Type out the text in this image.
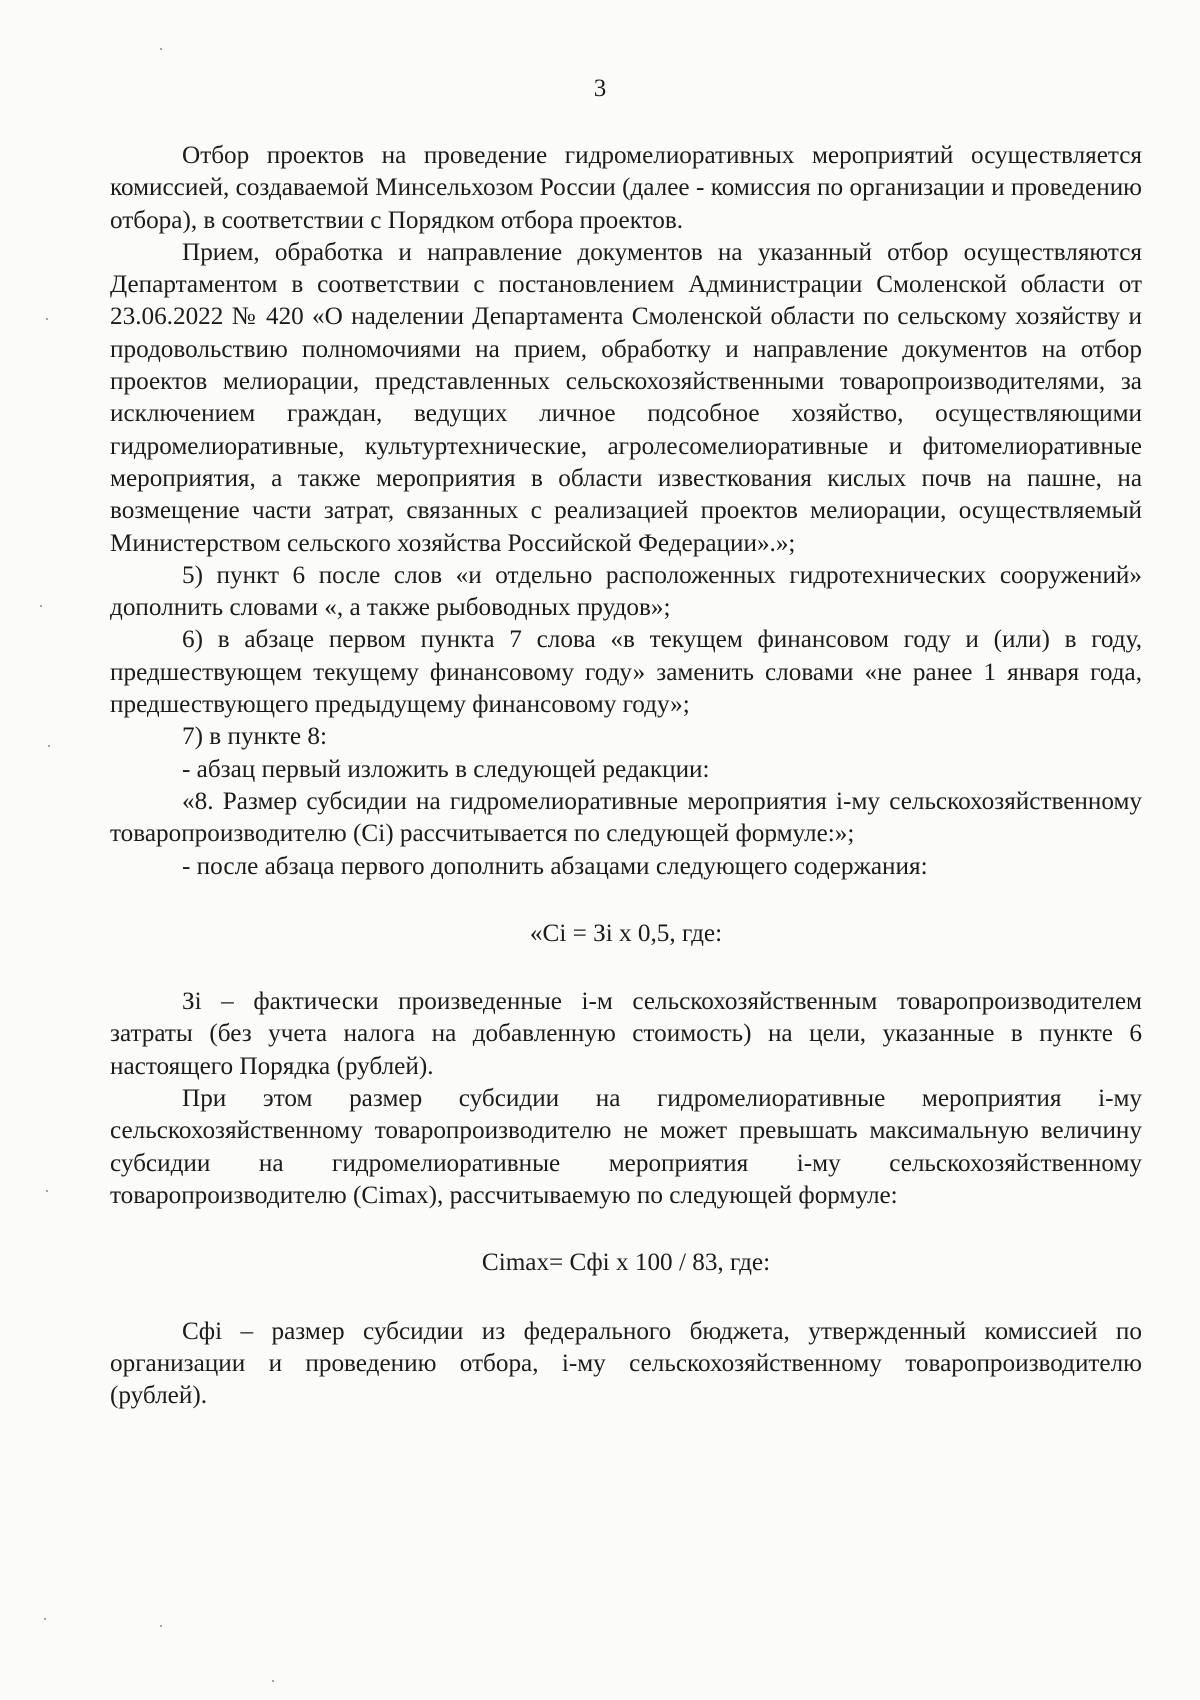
3

Отбор проектов на проведение гидромелиоративных мероприятий осуществляется комиссией, создаваемой Минсельхозом России (далее - комиссия по организации и проведению отбора), в соответствии с Порядком отбора проектов.

Прием, обработка и направление документов на указанный отбор осуществляются Департаментом в соответствии с постановлением Администрации Смоленской области от 23.06.2022 № 420 «О наделении Департамента Смоленской области по сельскому хозяйству и продовольствию полномочиями на прием, обработку и направление документов на отбор проектов мелиорации, представленных сельскохозяйственными товаропроизводителями, за исключением граждан, ведущих личное подсобное хозяйство, осуществляющими гидромелиоративные, культуртехнические, агролесомелиоративные и фитомелиоративные мероприятия, а также мероприятия в области известкования кислых почв на пашне, на возмещение части затрат, связанных с реализацией проектов мелиорации, осуществляемый Министерством сельского хозяйства Российской Федерации».»;

5) пункт 6 после слов «и отдельно расположенных гидротехнических сооружений» дополнить словами «, а также рыбоводных прудов»;

6) в абзаце первом пункта 7 слова «в текущем финансовом году и (или) в году, предшествующем текущему финансовому году» заменить словами «не ранее 1 января года, предшествующего предыдущему финансовому году»;

7) в пункте 8:

- абзац первый изложить в следующей редакции:

«8. Размер субсидии на гидромелиоративные мероприятия i-му сельскохозяйственному товаропроизводителю (Ci) рассчитывается по следующей формуле:»;

- после абзаца первого дополнить абзацами следующего содержания:

«Ci = Зi x 0,5, где:

Зi – фактически произведенные i-м сельскохозяйственным товаропроизводителем затраты (без учета налога на добавленную стоимость) на цели, указанные в пункте 6 настоящего Порядка (рублей).

При этом размер субсидии на гидромелиоративные мероприятия i-му сельскохозяйственному товаропроизводителю не может превышать максимальную величину субсидии на гидромелиоративные мероприятия i-му сельскохозяйственному товаропроизводителю (Cimax), рассчитываемую по следующей формуле:

Cimax= Сфi x 100 / 83, где:

Сфi – размер субсидии из федерального бюджета, утвержденный комиссией по организации и проведению отбора, i-му сельскохозяйственному товаропроизводителю (рублей).
